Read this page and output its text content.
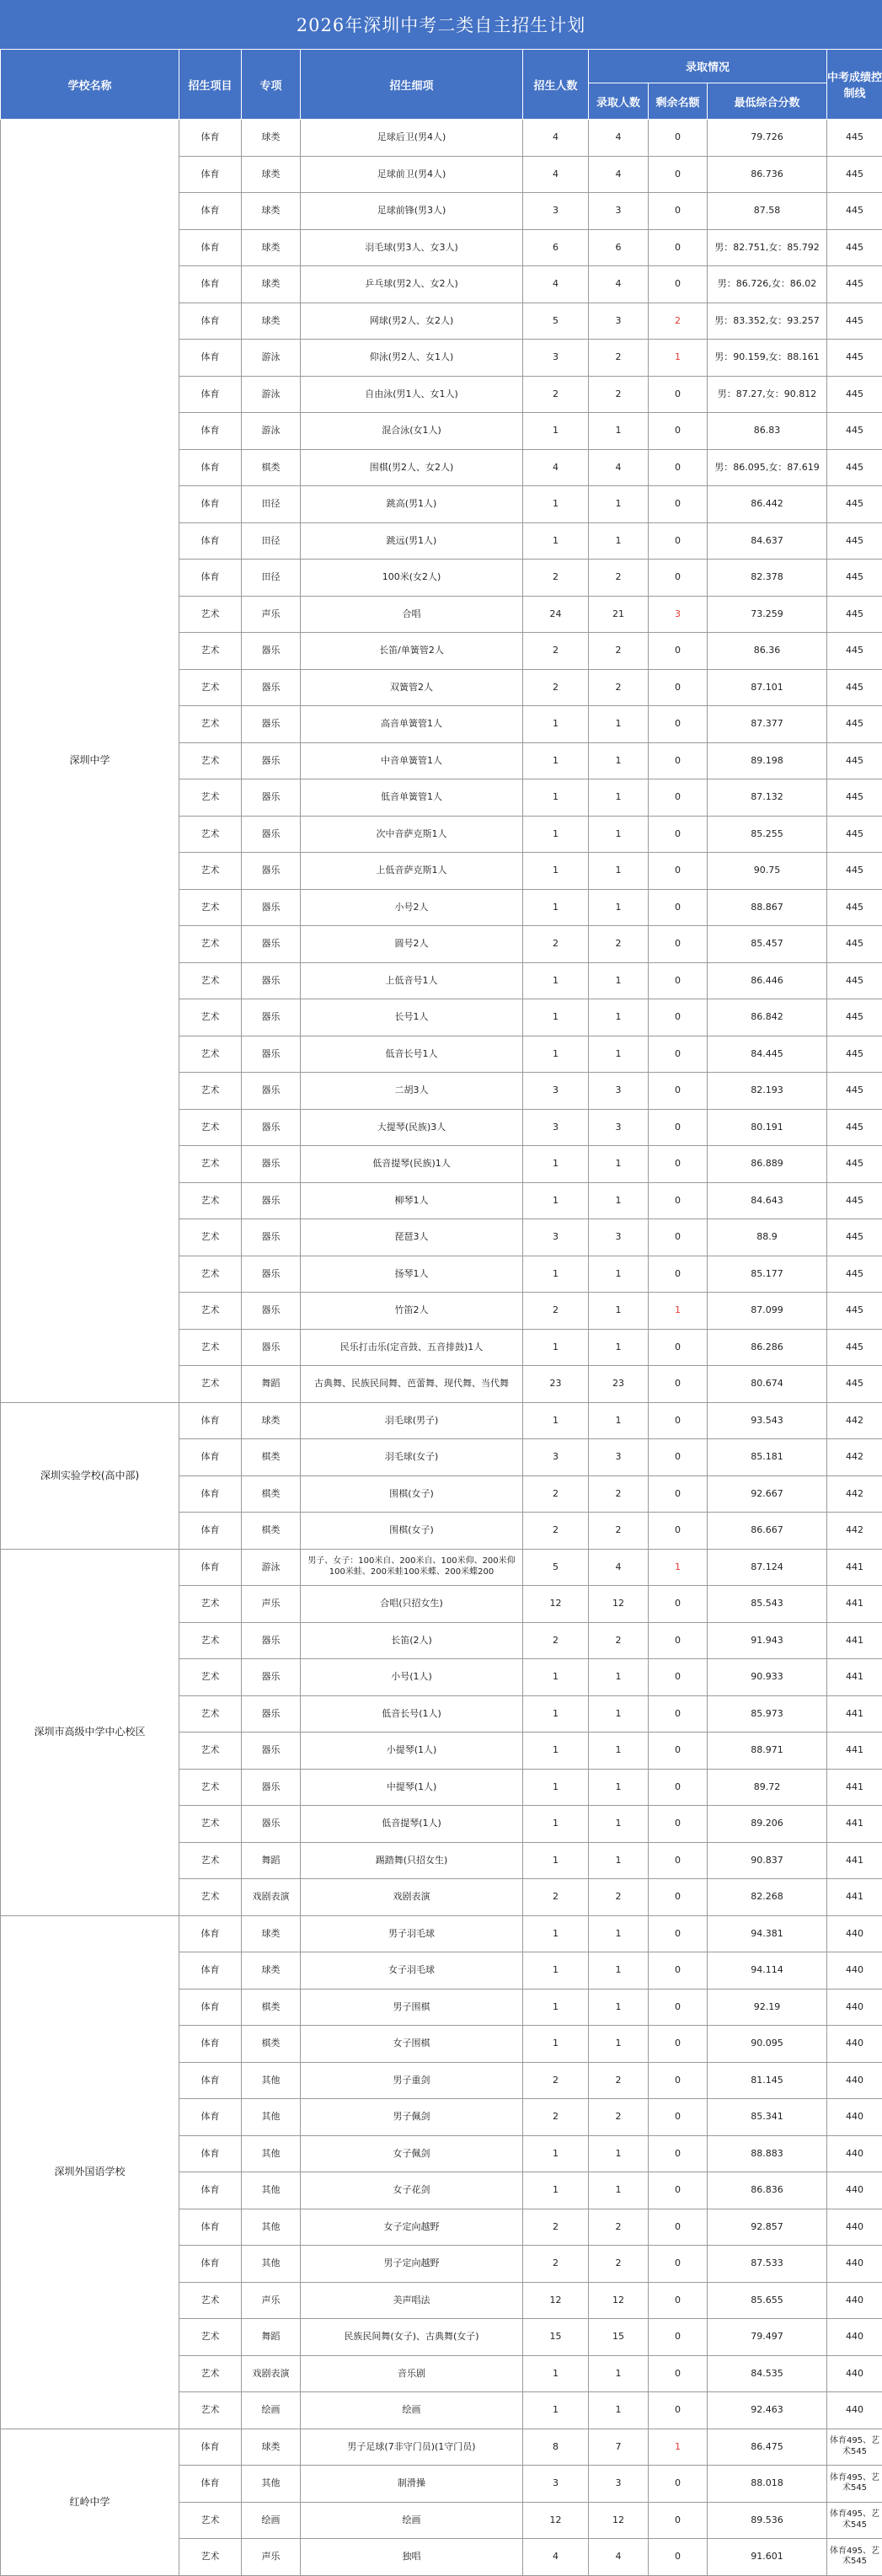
2026年深圳中考二类自主招生计划
学校名称	招生项目	专项	招生细项	招生人数	录取情况			中考成绩控制线
					录取人数	剩余名额	最低综合分数	
深圳中学	体育	球类	足球后卫(男4人)	4	4	0	79.726	445
	体育	球类	足球前卫(男4人)	4	4	0	86.736	445
	体育	球类	足球前锋(男3人)	3	3	0	87.58	445
	体育	球类	羽毛球(男3人、女3人)	6	6	0	男：82.751,女：85.792	445
	体育	球类	乒乓球(男2人、女2人)	4	4	0	男：86.726,女：86.02	445
	体育	球类	网球(男2人、女2人)	5	3	2	男：83.352,女：93.257	445
	体育	游泳	仰泳(男2人、女1人)	3	2	1	男：90.159,女：88.161	445
	体育	游泳	自由泳(男1人、女1人)	2	2	0	男：87.27,女：90.812	445
	体育	游泳	混合泳(女1人)	1	1	0	86.83	445
	体育	棋类	围棋(男2人、女2人)	4	4	0	男：86.095,女：87.619	445
	体育	田径	跳高(男1人)	1	1	0	86.442	445
	体育	田径	跳远(男1人)	1	1	0	84.637	445
	体育	田径	100米(女2人)	2	2	0	82.378	445
	艺术	声乐	合唱	24	21	3	73.259	445
	艺术	器乐	长笛/单簧管2人	2	2	0	86.36	445
	艺术	器乐	双簧管2人	2	2	0	87.101	445
	艺术	器乐	高音单簧管1人	1	1	0	87.377	445
	艺术	器乐	中音单簧管1人	1	1	0	89.198	445
	艺术	器乐	低音单簧管1人	1	1	0	87.132	445
	艺术	器乐	次中音萨克斯1人	1	1	0	85.255	445
	艺术	器乐	上低音萨克斯1人	1	1	0	90.75	445
	艺术	器乐	小号2人	1	1	0	88.867	445
	艺术	器乐	圆号2人	2	2	0	85.457	445
	艺术	器乐	上低音号1人	1	1	0	86.446	445
	艺术	器乐	长号1人	1	1	0	86.842	445
	艺术	器乐	低音长号1人	1	1	0	84.445	445
	艺术	器乐	二胡3人	3	3	0	82.193	445
	艺术	器乐	大提琴(民族)3人	3	3	0	80.191	445
	艺术	器乐	低音提琴(民族)1人	1	1	0	86.889	445
	艺术	器乐	柳琴1人	1	1	0	84.643	445
	艺术	器乐	琵琶3人	3	3	0	88.9	445
	艺术	器乐	扬琴1人	1	1	0	85.177	445
	艺术	器乐	竹笛2人	2	1	1	87.099	445
	艺术	器乐	民乐打击乐(定音鼓、五音排鼓)1人	1	1	0	86.286	445
	艺术	舞蹈	古典舞、民族民间舞、芭蕾舞、现代舞、当代舞	23	23	0	80.674	445
深圳实验学校(高中部)	体育	球类	羽毛球(男子)	1	1	0	93.543	442
	体育	棋类	羽毛球(女子)	3	3	0	85.181	442
	体育	棋类	围棋(女子)	2	2	0	92.667	442
	体育	棋类	围棋(女子)	2	2	0	86.667	442
深圳市高级中学中心校区	体育	游泳	男子、女子：100米自、200米自、100米仰、200米仰100米蛙、200米蛙100米蝶、200米蝶200	5	4	1	87.124	441
	艺术	声乐	合唱(只招女生)	12	12	0	85.543	441
	艺术	器乐	长笛(2人)	2	2	0	91.943	441
	艺术	器乐	小号(1人)	1	1	0	90.933	441
	艺术	器乐	低音长号(1人)	1	1	0	85.973	441
	艺术	器乐	小提琴(1人)	1	1	0	88.971	441
	艺术	器乐	中提琴(1人)	1	1	0	89.72	441
	艺术	器乐	低音提琴(1人)	1	1	0	89.206	441
	艺术	舞蹈	踢踏舞(只招女生)	1	1	0	90.837	441
	艺术	戏剧表演	戏剧表演	2	2	0	82.268	441
深圳外国语学校	体育	球类	男子羽毛球	1	1	0	94.381	440
	体育	球类	女子羽毛球	1	1	0	94.114	440
	体育	棋类	男子围棋	1	1	0	92.19	440
	体育	棋类	女子围棋	1	1	0	90.095	440
	体育	其他	男子重剑	2	2	0	81.145	440
	体育	其他	男子佩剑	2	2	0	85.341	440
	体育	其他	女子佩剑	1	1	0	88.883	440
	体育	其他	女子花剑	1	1	0	86.836	440
	体育	其他	女子定向越野	2	2	0	92.857	440
	体育	其他	男子定向越野	2	2	0	87.533	440
	艺术	声乐	美声唱法	12	12	0	85.655	440
	艺术	舞蹈	民族民间舞(女子)、古典舞(女子)	15	15	0	79.497	440
	艺术	戏剧表演	音乐剧	1	1	0	84.535	440
	艺术	绘画	绘画	1	1	0	92.463	440
红岭中学	体育	球类	男子足球(7非守门员)(1守门员)	8	7	1	86.475	体育495、艺术545
	体育	其他	制滑操	3	3	0	88.018	体育495、艺术545
	艺术	绘画	绘画	12	12	0	89.536	体育495、艺术545
	艺术	声乐	独唱	4	4	0	91.601	体育495、艺术545
